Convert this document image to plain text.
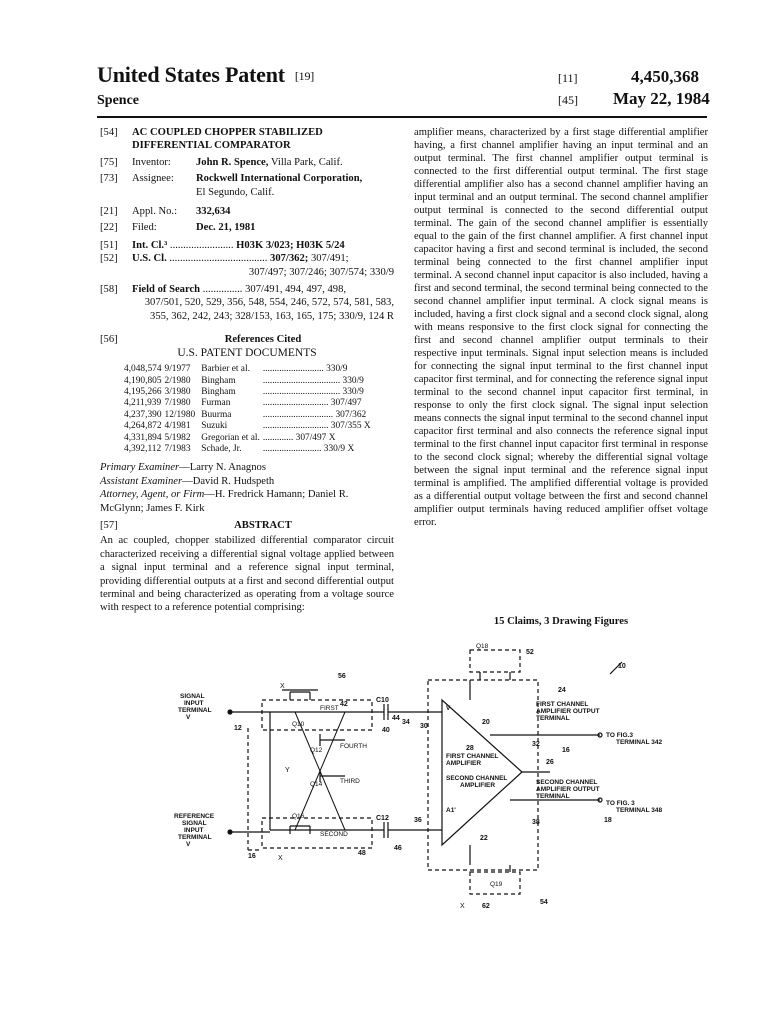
United States Patent [19]
Spence
[11]	4,450,368
[45] May 22, 1984
[54]	AC COUPLED CHOPPER STABILIZED DIFFERENTIAL COMPARATOR
[75]	Inventor:	John R. Spence, Villa Park, Calif.
[73]	Assignee:	Rockwell International Corporation,
El Segundo, Calif.
[21]	Appl. No.:	332,634
[22]	Filed:	Dec. 21, 1981
[51]	Int. Cl.³ ........................ H03K 3/023; H03K 5/24
[52]	U.S. Cl. ..................................... 307/362; 307/491;
307/497; 307/246; 307/574; 330/9
[58]	Field of Search ............... 307/491, 494, 497, 498,
307/501, 520, 529, 356, 548, 554, 246, 572, 574, 581, 583, 355, 362, 242, 243; 328/153, 163, 165, 175; 330/9, 124 R
[56]	References Cited
U.S. PATENT DOCUMENTS
4,048,574	9/1977	Barbier et al.	.......................... 330/9
4,190,805	2/1980	Bingham	................................. 330/9
4,195,266	3/1980	Bingham	................................. 330/9
4,211,939	7/1980	Furman	............................ 307/497
4,237,390	12/1980	Buurma	.............................. 307/362
4,264,872	4/1981	Suzuki	............................ 307/355 X
4,331,894	5/1982	Gregorian et al.	............. 307/497 X
4,392,112	7/1983	Schade, Jr.	......................... 330/9 X
Primary Examiner—Larry N. Anagnos
Assistant Examiner—David R. Hudspeth
Attorney, Agent, or Firm—H. Fredrick Hamann; Daniel R. McGlynn; James F. Kirk
[57]	ABSTRACT
An ac coupled, chopper stabilized differential comparator circuit characterized receiving a differential signal voltage applied between a signal input terminal and a reference signal input terminal, providing differential outputs at a first and second differential output terminal and being characterized as operating from a voltage source with respect to a reference potential comprising:
amplifier means, characterized by a first stage differential amplifier having, a first channel amplifier having an input terminal and an output terminal. The first channel amplifier output terminal is connected to the first differential output terminal. The first stage differential amplifier also has a second channel amplifier having an input terminal and an output terminal. The second channel amplifier output terminal is connected to the second differential output terminal. The gain of the second channel amplifier is essentially equal to the gain of the first channel amplifier. A first channel input capacitor having a first and second terminal is included, the second terminal being connected to the first channel amplifier input terminal. A second channel input capacitor is also included, having a first and second terminal, the second terminal being connected to the second channel amplifier input terminal. A clock signal means is included, having a first clock signal and a second clock signal, along with means responsive to the first clock signal for connecting the first and second channel amplifier output terminals to their respective input terminals. Signal input selection means is included for connecting the signal input terminal to the first channel input capacitor first terminal, and for connecting the reference signal input terminal to the second channel input capacitor first terminal, in response to only the first clock signal. The signal input selection means connects the signal input terminal to the second channel input capacitor first terminal and also connects the reference signal input terminal to the first channel input capacitor first terminal in response to the second clock signal; whereby the differential signal voltage between the signal input terminal and the reference signal input terminal is amplified. The amplified differential voltage is provided as a differential output voltage between the first and second channel amplifier output terminals having reduced amplifier offset voltage error.
15 Claims, 3 Drawing Figures
SIGNAL
INPUT
TERMINAL
V
REFERENCE
SIGNAL
INPUT
TERMINAL
V
FIRST
SECOND
THIRD
FOURTH
V
FIRST CHANNEL
AMPLIFIER
SECOND CHANNEL
AMPLIFIER
A1'
FIRST CHANNEL
AMPLIFIER OUTPUT
TERMINAL
TO FIG.3
TERMINAL 342
SECOND CHANNEL
AMPLIFIER OUTPUT
TERMINAL
TO FIG. 3
TERMINAL 348
X
X
Y
X
Q10
Q12
Q14
Q16
Q18
Q19
10
12
16
16
18
20
22
24
26
28
30
32
34
36	38
40
42
44
46
48
52
54
56
62
C10
C12
